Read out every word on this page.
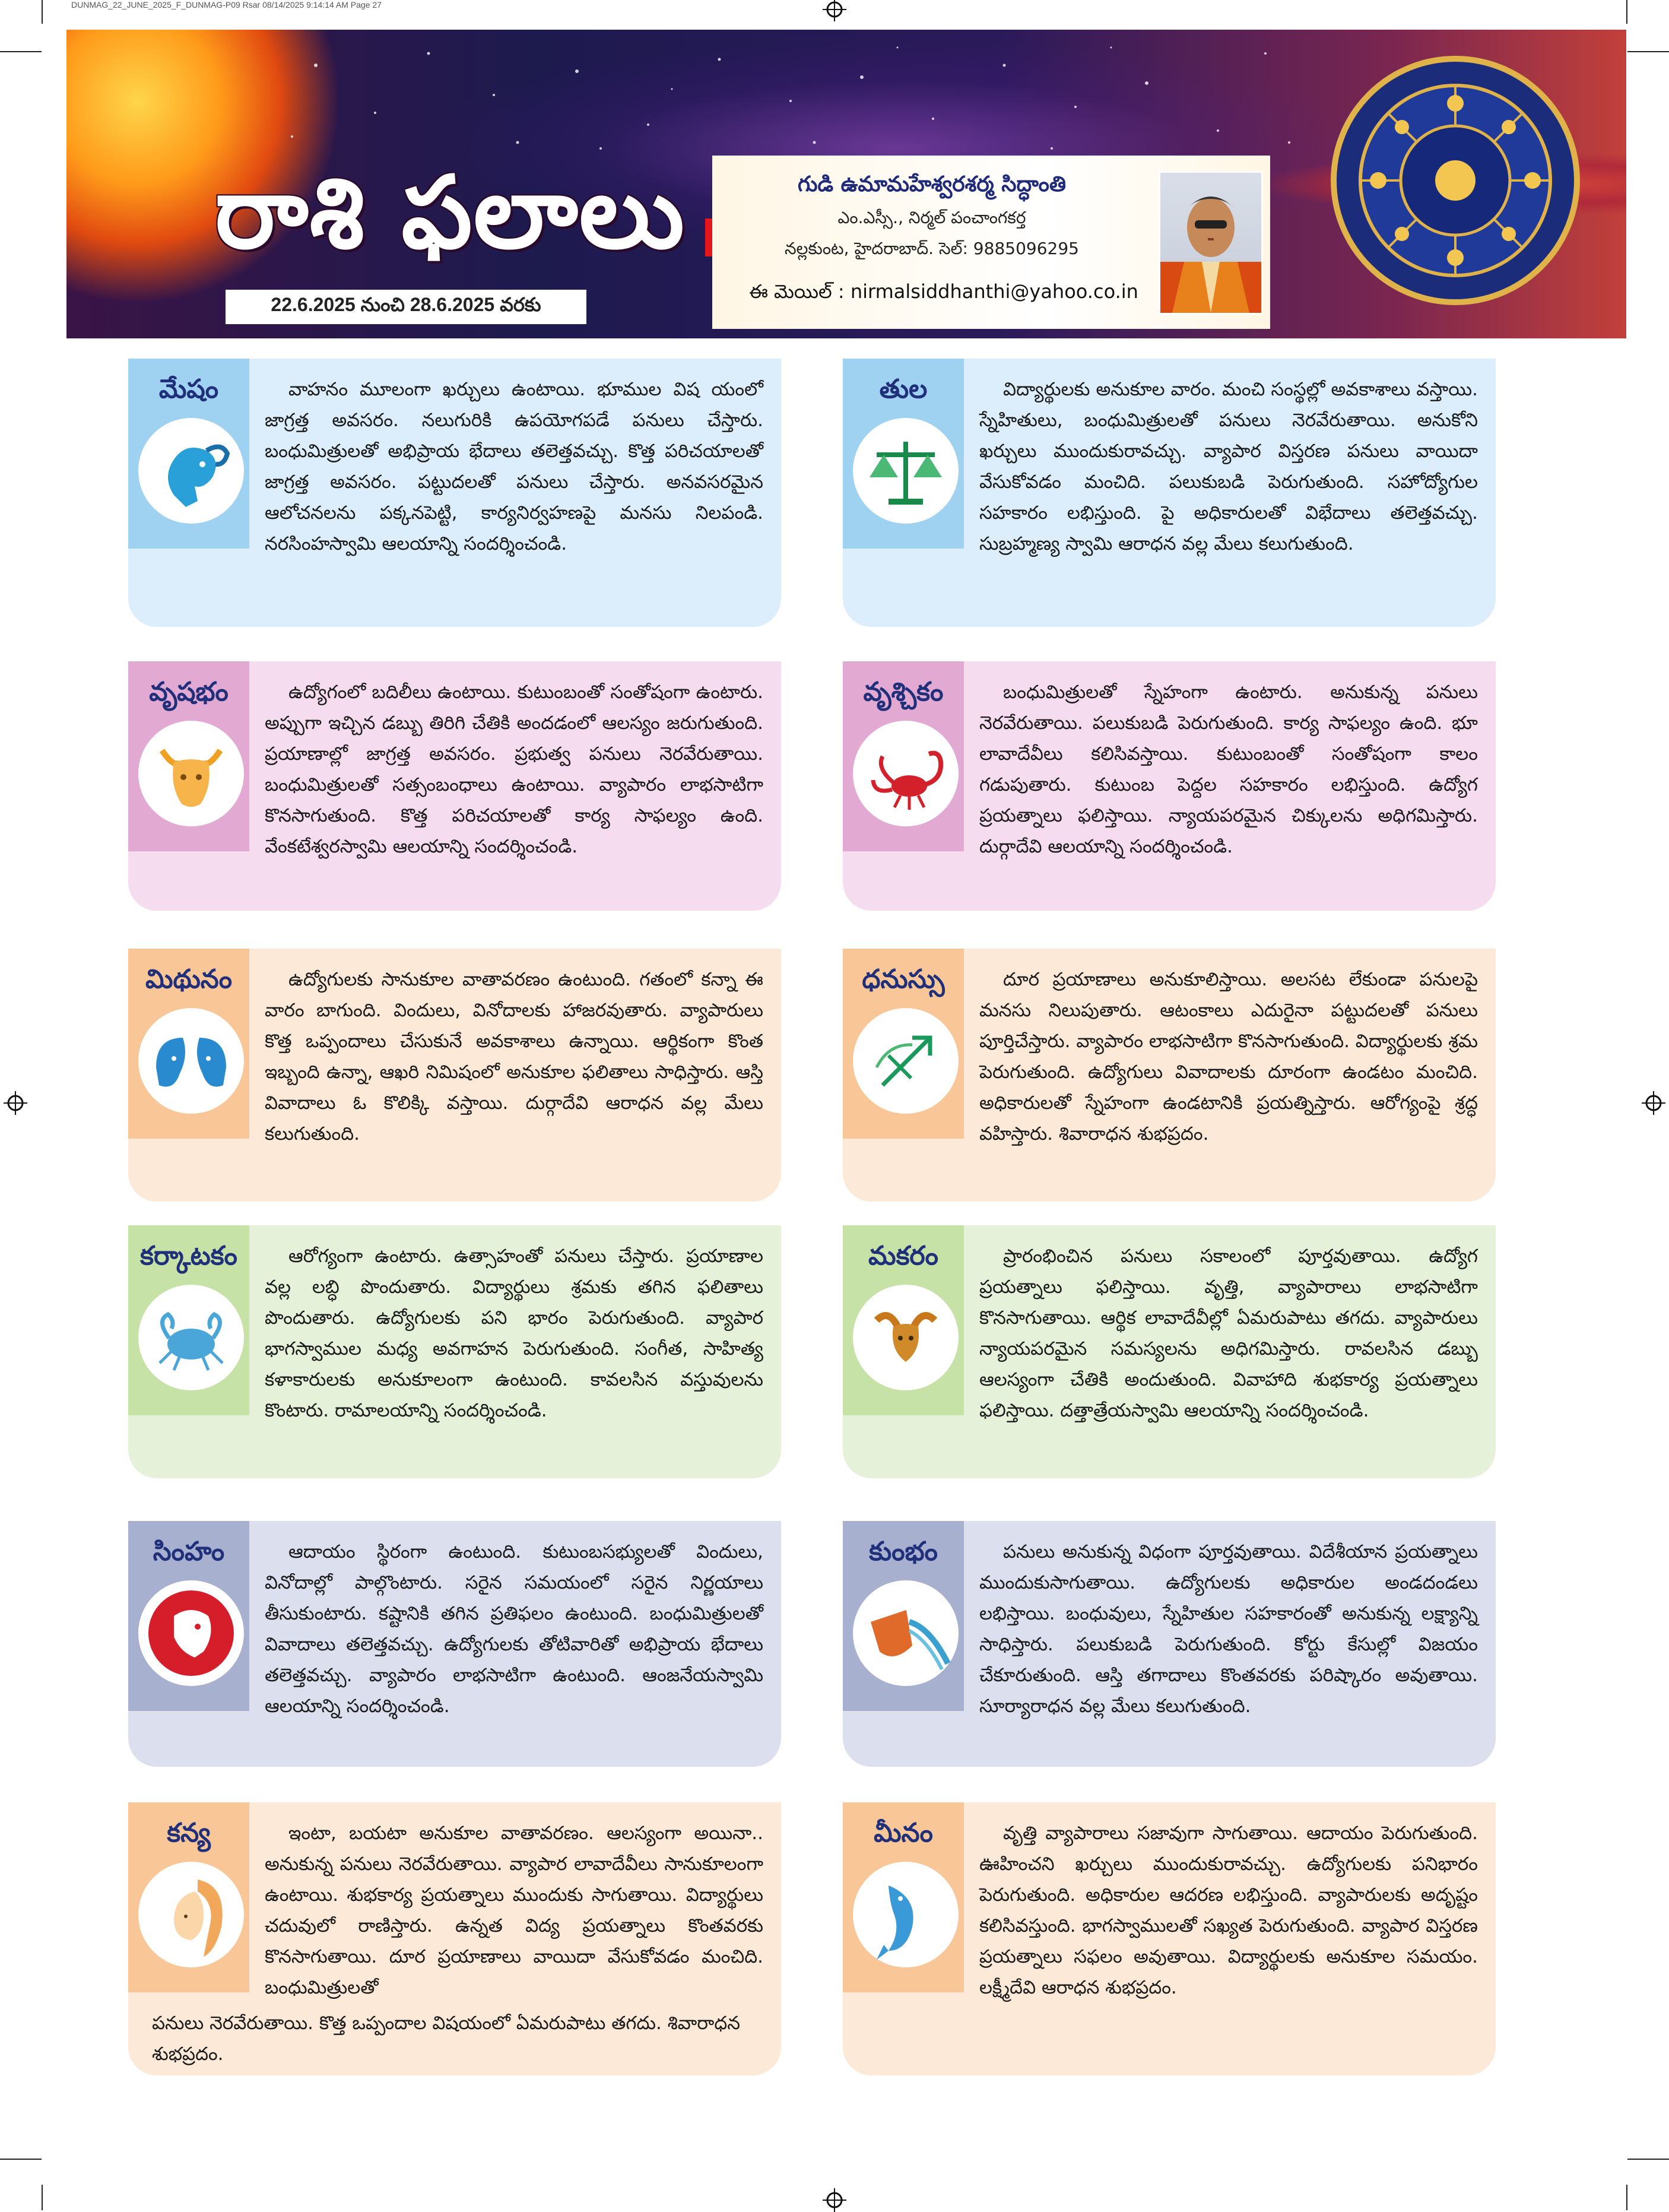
DUNMAG_22_JUNE_2025_F_DUNMAG-P09 Rsar 08/14/2025 9:14:14 AM Page 27
రాశి ఫలాలు
22.6.2025 నుంచి 28.6.2025 వరకు
గుడి ఉమామహేశ్వరశర్మ సిద్ధాంతి
ఎం.ఎస్సీ., నిర్మల్ పంచాంగకర్త
నల్లకుంట, హైదరాబాద్. సెల్: 9885096295
ఈ మెయిల్ : nirmalsiddhanthi@yahoo.co.in
మేషం	వాహనం మూలంగా ఖర్చులు ఉంటాయి. భూముల విష యంలో జాగ్రత్త అవసరం. నలుగురికి ఉపయోగపడే పనులు చేస్తారు. బంధుమిత్రులతో అభిప్రాయ భేదాలు తలెత్తవచ్చు. కొత్త పరిచయాలతో జాగ్రత్త అవసరం. పట్టుదలతో పనులు చేస్తారు. అనవసరమైన ఆలోచనలను పక్కనపెట్టి, కార్యనిర్వహణపై మనసు నిలపండి. నరసింహస్వామి ఆలయాన్ని సందర్శించండి.
తుల	విద్యార్థులకు అనుకూల వారం. మంచి సంస్థల్లో అవకాశాలు వస్తాయి. స్నేహితులు, బంధుమిత్రులతో పనులు నెరవేరుతాయి. అనుకోని ఖర్చులు ముందుకురావచ్చు. వ్యాపార విస్తరణ పనులు వాయిదా వేసుకోవడం మంచిది. పలుకుబడి పెరుగుతుంది. సహోద్యోగుల సహకారం లభిస్తుంది. పై అధికారులతో విభేదాలు తలెత్తవచ్చు. సుబ్రహ్మణ్య స్వామి ఆరాధన వల్ల మేలు కలుగుతుంది.
వృషభం	ఉద్యోగంలో బదిలీలు ఉంటాయి. కుటుంబంతో సంతోషంగా ఉంటారు. అప్పుగా ఇచ్చిన డబ్బు తిరిగి చేతికి అందడంలో ఆలస్యం జరుగుతుంది. ప్రయాణాల్లో జాగ్రత్త అవసరం. ప్రభుత్వ పనులు నెరవేరుతాయి. బంధుమిత్రులతో సత్సంబంధాలు ఉంటాయి. వ్యాపారం లాభసాటిగా కొనసాగుతుంది. కొత్త పరిచయాలతో కార్య సాఫల్యం ఉంది. వేంకటేశ్వరస్వామి ఆలయాన్ని సందర్శించండి.
వృశ్చికం	బంధుమిత్రులతో స్నేహంగా ఉంటారు. అనుకున్న పనులు నెరవేరుతాయి. పలుకుబడి పెరుగుతుంది. కార్య సాఫల్యం ఉంది. భూ లావాదేవీలు కలిసివస్తాయి. కుటుంబంతో సంతోషంగా కాలం గడుపుతారు. కుటుంబ పెద్దల సహకారం లభిస్తుంది. ఉద్యోగ ప్రయత్నాలు ఫలిస్తాయి. న్యాయపరమైన చిక్కులను అధిగమిస్తారు. దుర్గాదేవి ఆలయాన్ని సందర్శించండి.
మిథునం	ఉద్యోగులకు సానుకూల వాతావరణం ఉంటుంది. గతంలో కన్నా ఈ వారం బాగుంది. విందులు, వినోదాలకు హాజరవుతారు. వ్యాపారులు కొత్త ఒప్పందాలు చేసుకునే అవకాశాలు ఉన్నాయి. ఆర్థికంగా కొంత ఇబ్బంది ఉన్నా, ఆఖరి నిమిషంలో అనుకూల ఫలితాలు సాధిస్తారు. ఆస్తి వివాదాలు ఓ కొలిక్కి వస్తాయి. దుర్గాదేవి ఆరాధన వల్ల మేలు కలుగుతుంది.
ధనుస్సు	దూర ప్రయాణాలు అనుకూలిస్తాయి. అలసట లేకుండా పనులపై మనసు నిలుపుతారు. ఆటంకాలు ఎదురైనా పట్టుదలతో పనులు పూర్తిచేస్తారు. వ్యాపారం లాభసాటిగా కొనసాగుతుంది. విద్యార్థులకు శ్రమ పెరుగుతుంది. ఉద్యోగులు వివాదాలకు దూరంగా ఉండటం మంచిది. అధికారులతో స్నేహంగా ఉండటానికి ప్రయత్నిస్తారు. ఆరోగ్యంపై శ్రద్ధ వహిస్తారు. శివారాధన శుభప్రదం.
కర్కాటకం	ఆరోగ్యంగా ఉంటారు. ఉత్సాహంతో పనులు చేస్తారు. ప్రయాణాల వల్ల లబ్ధి పొందుతారు. విద్యార్థులు శ్రమకు తగిన ఫలితాలు పొందుతారు. ఉద్యోగులకు పని భారం పెరుగుతుంది. వ్యాపార భాగస్వాముల మధ్య అవగాహన పెరుగుతుంది. సంగీత, సాహిత్య కళాకారులకు అనుకూలంగా ఉంటుంది. కావలసిన వస్తువులను కొంటారు. రామాలయాన్ని సందర్శించండి.
మకరం	ప్రారంభించిన పనులు సకాలంలో పూర్తవుతాయి. ఉద్యోగ ప్రయత్నాలు ఫలిస్తాయి. వృత్తి, వ్యాపారాలు లాభసాటిగా కొనసాగుతాయి. ఆర్థిక లావాదేవీల్లో ఏమరుపాటు తగదు. వ్యాపారులు న్యాయపరమైన సమస్యలను అధిగమిస్తారు. రావలసిన డబ్బు ఆలస్యంగా చేతికి అందుతుంది. వివాహాది శుభకార్య ప్రయత్నాలు ఫలిస్తాయి. దత్తాత్రేయస్వామి ఆలయాన్ని సందర్శించండి.
సింహం	ఆదాయం స్థిరంగా ఉంటుంది. కుటుంబసభ్యులతో విందులు, వినోదాల్లో పాల్గొంటారు. సరైన సమయంలో సరైన నిర్ణయాలు తీసుకుంటారు. కష్టానికి తగిన ప్రతిఫలం ఉంటుంది. బంధుమిత్రులతో వివాదాలు తలెత్తవచ్చు. ఉద్యోగులకు తోటివారితో అభిప్రాయ భేదాలు తలెత్తవచ్చు. వ్యాపారం లాభసాటిగా ఉంటుంది. ఆంజనేయస్వామి ఆలయాన్ని సందర్శించండి.
కుంభం	పనులు అనుకున్న విధంగా పూర్తవుతాయి. విదేశీయాన ప్రయత్నాలు ముందుకుసాగుతాయి. ఉద్యోగులకు అధికారుల అండదండలు లభిస్తాయి. బంధువులు, స్నేహితుల సహకారంతో అనుకున్న లక్ష్యాన్ని సాధిస్తారు. పలుకుబడి పెరుగుతుంది. కోర్టు కేసుల్లో విజయం చేకూరుతుంది. ఆస్తి తగాదాలు కొంతవరకు పరిష్కారం అవుతాయి. సూర్యారాధన వల్ల మేలు కలుగుతుంది.
కన్య	ఇంటా, బయటా అనుకూల వాతావరణం. ఆలస్యంగా అయినా.. అనుకున్న పనులు నెరవేరుతాయి. వ్యాపార లావాదేవీలు సానుకూలంగా ఉంటాయి. శుభకార్య ప్రయత్నాలు ముందుకు సాగుతాయి. విద్యార్థులు చదువులో రాణిస్తారు. ఉన్నత విద్య ప్రయత్నాలు కొంతవరకు కొనసాగుతాయి. దూర ప్రయాణాలు వాయిదా వేసుకోవడం మంచిది. బంధుమిత్రులతో
పనులు నెరవేరుతాయి. కొత్త ఒప్పందాల విషయంలో ఏమరుపాటు తగదు. శివారాధన శుభప్రదం.
మీనం	వృత్తి వ్యాపారాలు సజావుగా సాగుతాయి. ఆదాయం పెరుగుతుంది. ఊహించని ఖర్చులు ముందుకురావచ్చు. ఉద్యోగులకు పనిభారం పెరుగుతుంది. అధికారుల ఆదరణ లభిస్తుంది. వ్యాపారులకు అదృష్టం కలిసివస్తుంది. భాగస్వాములతో సఖ్యత పెరుగుతుంది. వ్యాపార విస్తరణ ప్రయత్నాలు సఫలం అవుతాయి. విద్యార్థులకు అనుకూల సమయం. లక్ష్మీదేవి ఆరాధన శుభప్రదం.
